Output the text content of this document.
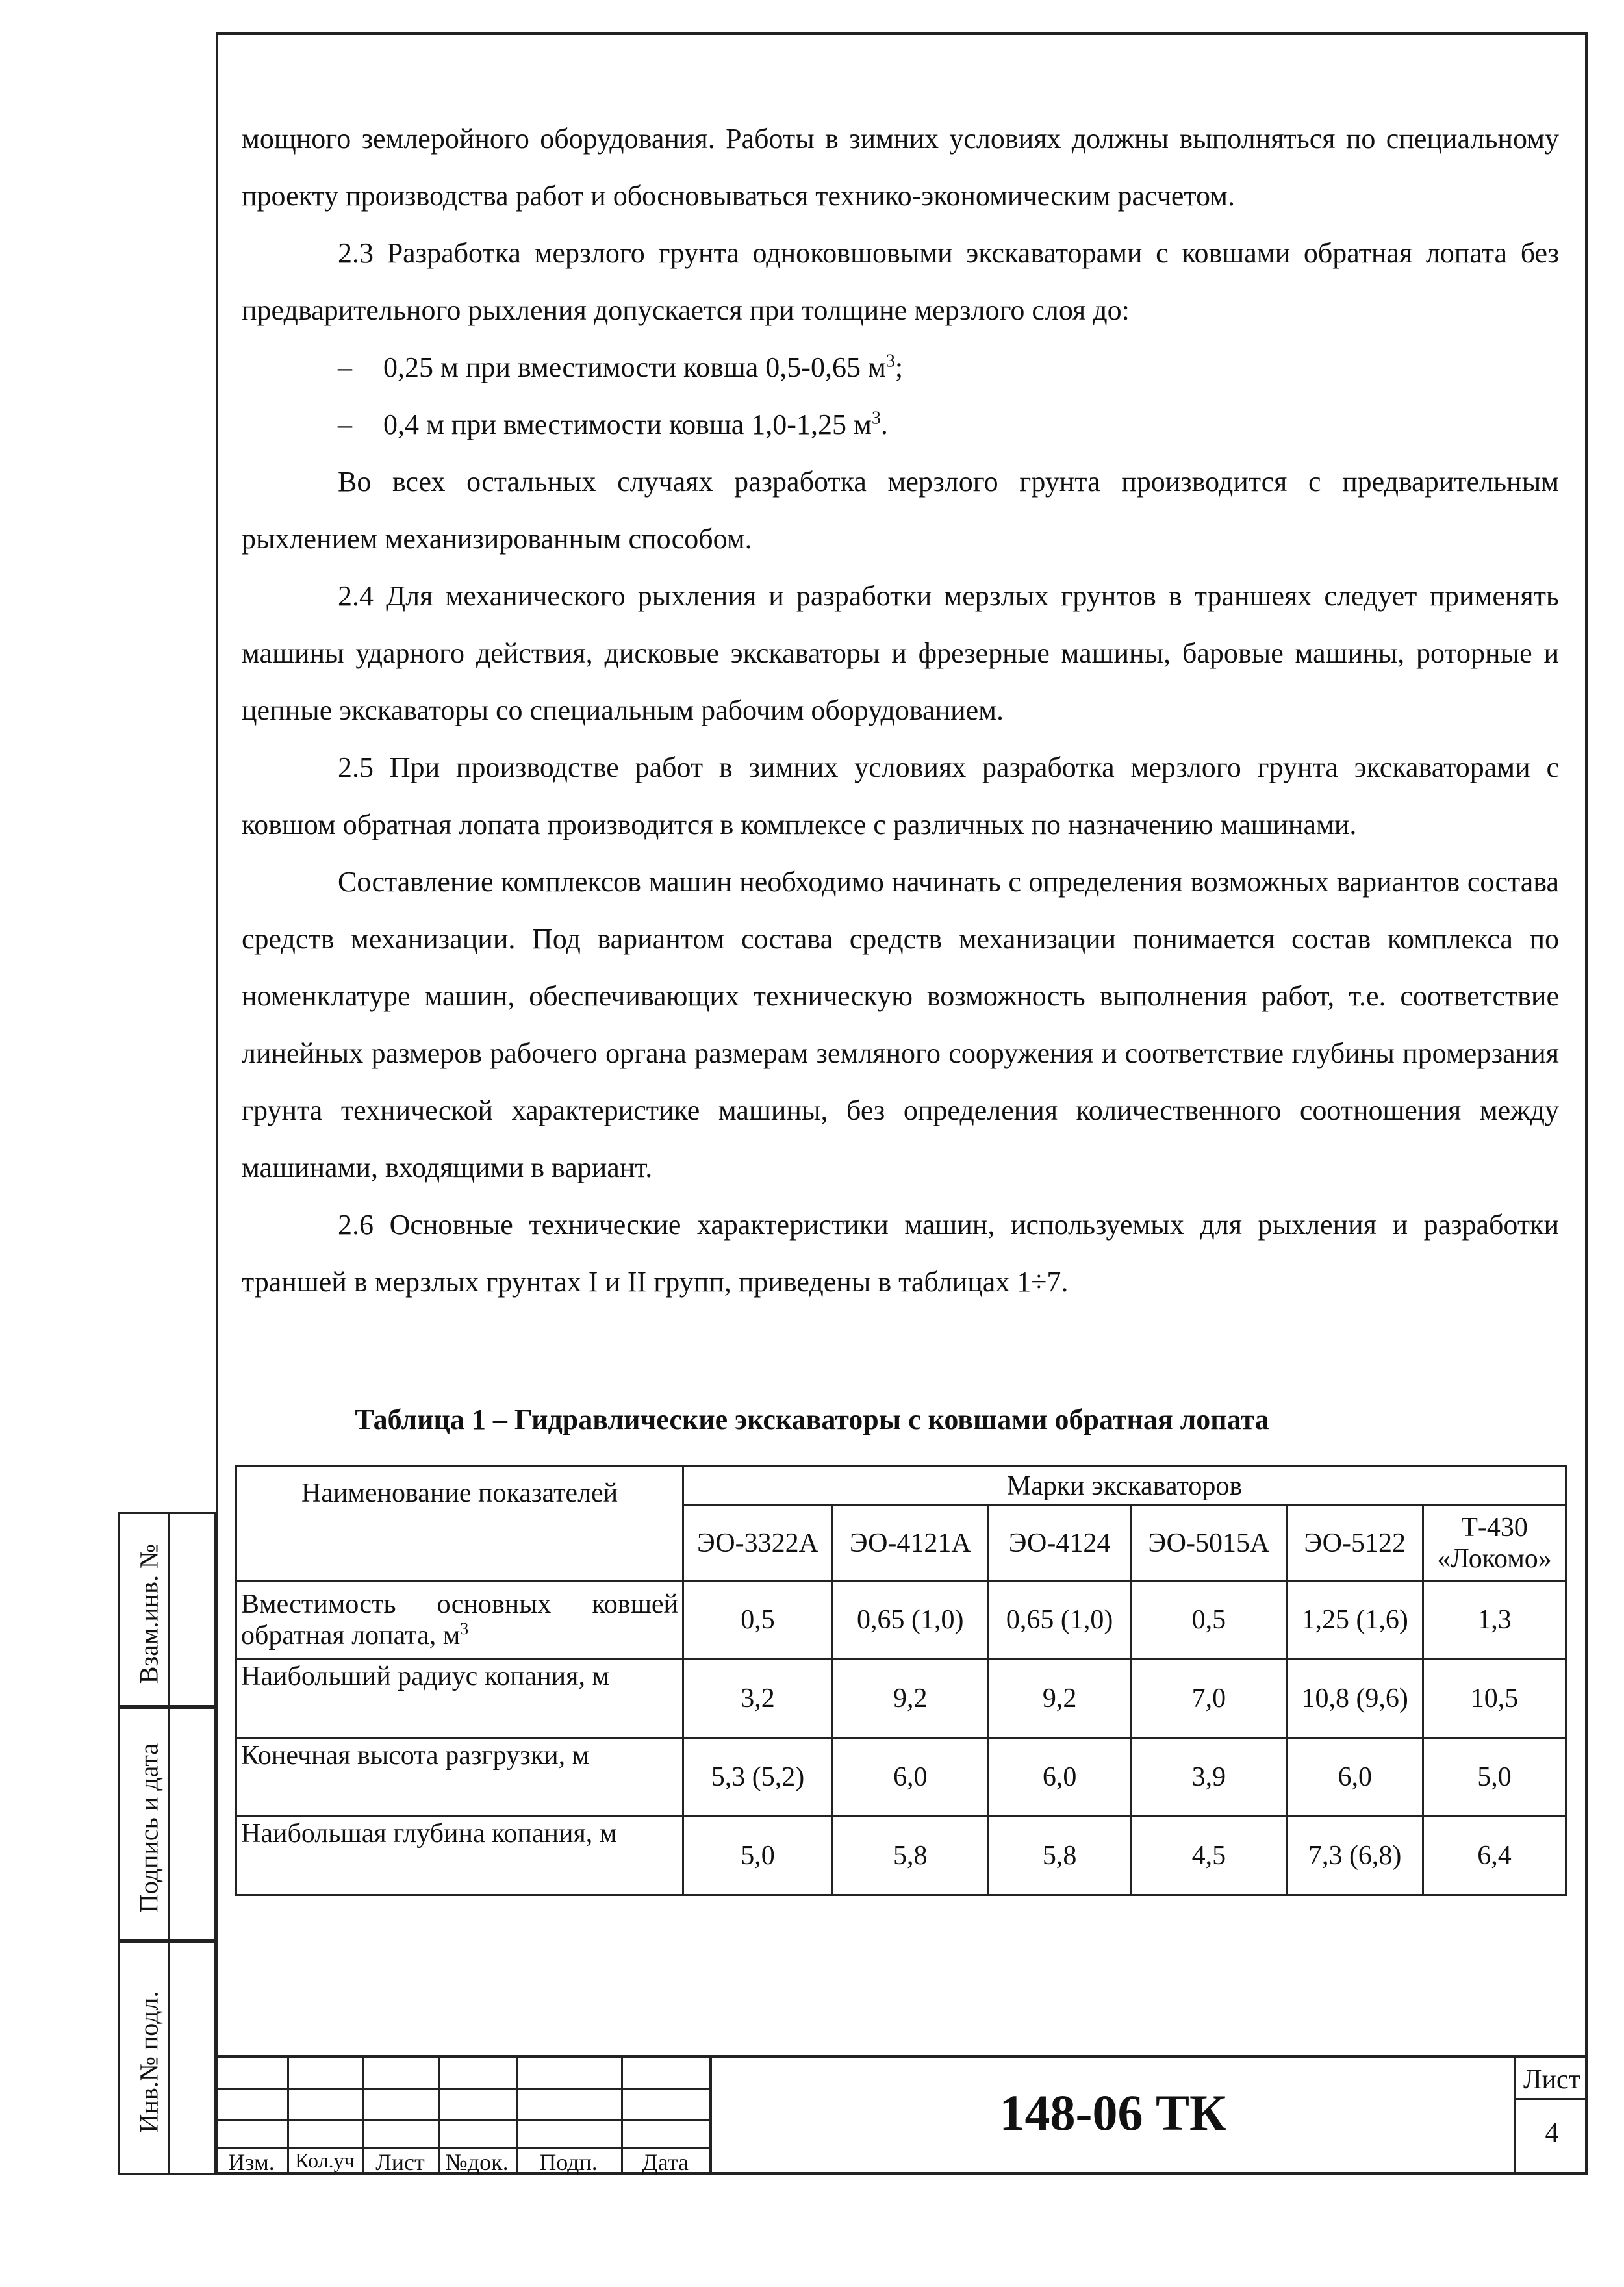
Взам.инв. №
Подпись и дата
Инв.№ подл.

мощного землеройного оборудования. Работы в зимних условиях должны выполняться по специальному проекту производства работ и обосновываться технико-экономическим расчетом.

2.3 Разработка мерзлого грунта одноковшовыми экскаваторами с ковшами обратная лопата без предварительного рыхления допускается при толщине мерзлого слоя до:

– 0,25 м при вместимости ковша 0,5-0,65 $м^3$;

– 0,4 м при вместимости ковша 1,0-1,25 $м^3$.

Во всех остальных случаях разработка мерзлого грунта производится с предварительным рыхлением механизированным способом.

2.4 Для механического рыхления и разработки мерзлых грунтов в траншеях следует применять машины ударного действия, дисковые экскаваторы и фрезерные машины, баровые машины, роторные и цепные экскаваторы со специальным рабочим оборудованием.

2.5 При производстве работ в зимних условиях разработка мерзлого грунта экскаваторами с ковшом обратная лопата производится в комплексе с различных по назначению машинами.

Составление комплексов машин необходимо начинать с определения возможных вариантов состава средств механизации. Под вариантом состава средств механизации понимается состав комплекса по номенклатуре машин, обеспечивающих техническую возможность выполнения работ, т.е. соответствие линейных размеров рабочего органа размерам земляного сооружения и соответствие глубины промерзания грунта технической характеристике машины, без определения количественного соотношения между машинами, входящими в вариант.

2.6 Основные технические характеристики машин, используемых для рыхления и разработки траншей в мерзлых грунтах I и II групп, приведены в таблицах 1÷7.

Таблица 1 – Гидравлические экскаваторы с ковшами обратная лопата
Наименование показателей	Марки экскаваторов					
	ЭО-3322А	ЭО-4121А	ЭО-4124	ЭО-5015А	ЭО-5122	Т-430 «Локомо»
Вместимость основных ковшей обратная лопата, $м^3$	0,5	0,65 (1,0)	0,65 (1,0)	0,5	1,25 (1,6)	1,3
Наибольший радиус копания, м	3,2	9,2	9,2	7,0	10,8 (9,6)	10,5
Конечная высота разгрузки, м	5,3 (5,2)	6,0	6,0	3,9	6,0	5,0
Наибольшая глубина копания, м	5,0	5,8	5,8	4,5	7,3 (6,8)	6,4
Изм. Кол.уч Лист №док.	Подп.	Дата
148-06 ТК
Лист
4
